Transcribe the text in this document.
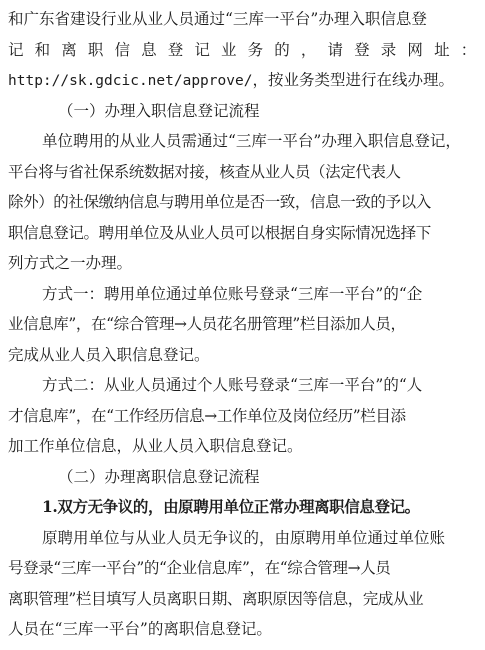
和广东省建设行业从业人员通过“三库一平台”办理入职信息登
记和离职信息登记业务的，请登录网址：
http://sk.gdcic.net/approve/，按业务类型进行在线办理。
（一）办理入职信息登记流程
单位聘用的从业人员需通过“三库一平台”办理入职信息登记，
平台将与省社保系统数据对接，核查从业人员（法定代表人
除外）的社保缴纳信息与聘用单位是否一致，信息一致的予以入
职信息登记。聘用单位及从业人员可以根据自身实际情况选择下
列方式之一办理。
方式一：聘用单位通过单位账号登录“三库一平台”的“企
业信息库”，在“综合管理→人员花名册管理”栏目添加人员，
完成从业人员入职信息登记。
方式二：从业人员通过个人账号登录“三库一平台”的“人
才信息库”，在“工作经历信息→工作单位及岗位经历”栏目添
加工作单位信息，从业人员入职信息登记。
（二）办理离职信息登记流程
1.双方无争议的，由原聘用单位正常办理离职信息登记。
原聘用单位与从业人员无争议的，由原聘用单位通过单位账
号登录“三库一平台”的“企业信息库”，在“综合管理→人员
离职管理”栏目填写人员离职日期、离职原因等信息，完成从业
人员在“三库一平台”的离职信息登记。
